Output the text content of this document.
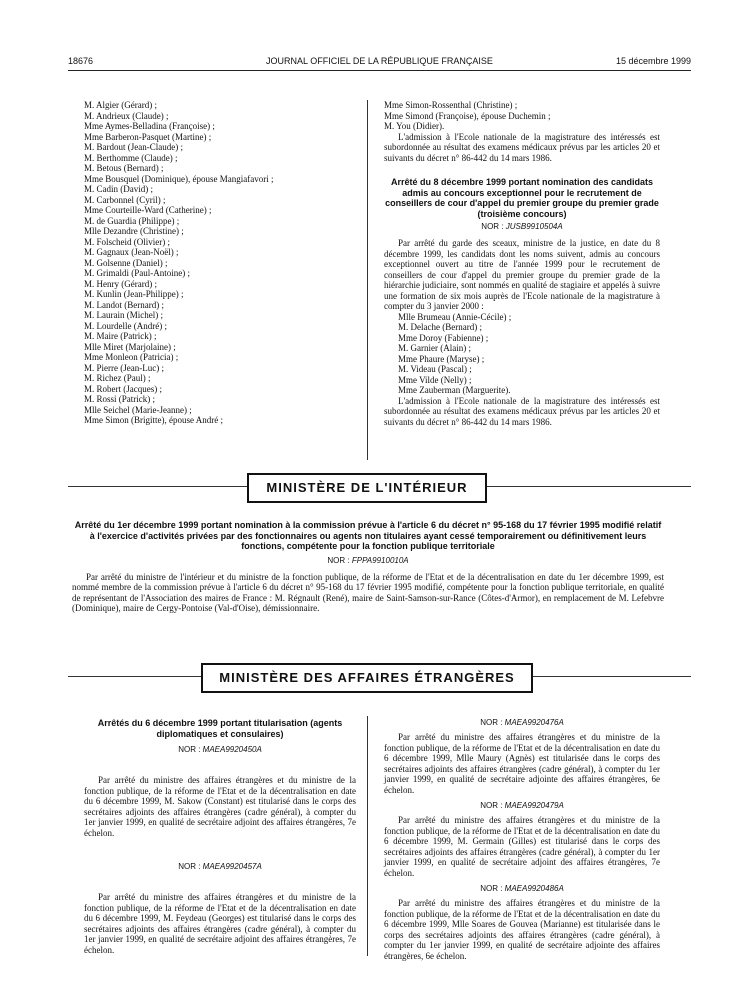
18676	JOURNAL OFFICIEL DE LA RÉPUBLIQUE FRANÇAISE	15 décembre 1999

M. Algier (Gérard) ;

M. Andrieux (Claude) ;

Mme Aymes-Belladina (Françoise) ;

Mme Barberon-Pasquet (Martine) ;

M. Bardout (Jean-Claude) ;

M. Berthomme (Claude) ;

M. Betous (Bernard) ;

Mme Bousquel (Dominique), épouse Mangiafavori ;

M. Cadin (David) ;

M. Carbonnel (Cyril) ;

Mme Courteille-Ward (Catherine) ;

M. de Guardia (Philippe) ;

Mlle Dezandre (Christine) ;

M. Folscheid (Olivier) ;

M. Gagnaux (Jean-Noël) ;

M. Golsenne (Daniel) ;

M. Grimaldi (Paul-Antoine) ;

M. Henry (Gérard) ;

M. Kunlin (Jean-Philippe) ;

M. Landot (Bernard) ;

M. Laurain (Michel) ;

M. Lourdelle (André) ;

M. Maire (Patrick) ;

Mlle Miret (Marjolaine) ;

Mme Monleon (Patricia) ;

M. Pierre (Jean-Luc) ;

M. Richez (Paul) ;

M. Robert (Jacques) ;

M. Rossi (Patrick) ;

Mlle Seichel (Marie-Jeanne) ;

Mme Simon (Brigitte), épouse André ;

Mme Simon-Rossenthal (Christine) ;

Mme Simond (Françoise), épouse Duchemin ;

M. You (Didier).

L'admission à l'Ecole nationale de la magistrature des intéressés est subordonnée au résultat des examens médicaux prévus par les articles 20 et suivants du décret n° 86-442 du 14 mars 1986.

Arrêté du 8 décembre 1999 portant nomination des candidats admis au concours exceptionnel pour le recrutement de conseillers de cour d'appel du premier groupe du premier grade (troisième concours)

NOR : JUSB9910504A

Par arrêté du garde des sceaux, ministre de la justice, en date du 8 décembre 1999, les candidats dont les noms suivent, admis au concours exceptionnel ouvert au titre de l'année 1999 pour le recrutement de conseillers de cour d'appel du premier groupe du premier grade de la hiérarchie judiciaire, sont nommés en qualité de stagiaire et appelés à suivre une formation de six mois auprès de l'Ecole nationale de la magistrature à compter du 3 janvier 2000 :

Mlle Brumeau (Annie-Cécile) ;

M. Delache (Bernard) ;

Mme Doroy (Fabienne) ;

M. Garnier (Alain) ;

Mme Phaure (Maryse) ;

M. Videau (Pascal) ;

Mme Vilde (Nelly) ;

Mme Zauberman (Marguerite).

L'admission à l'Ecole nationale de la magistrature des intéressés est subordonnée au résultat des examens médicaux prévus par les articles 20 et suivants du décret n° 86-442 du 14 mars 1986.

MINISTÈRE DE L'INTÉRIEUR

Arrêté du 1er décembre 1999 portant nomination à la commission prévue à l'article 6 du décret n° 95-168 du 17 février 1995 modifié relatif à l'exercice d'activités privées par des fonctionnaires ou agents non titulaires ayant cessé temporairement ou définitivement leurs fonctions, compétente pour la fonction publique territoriale

NOR : FPPA9910010A

Par arrêté du ministre de l'intérieur et du ministre de la fonction publique, de la réforme de l'Etat et de la décentralisation en date du 1er décembre 1999, est nommé membre de la commission prévue à l'article 6 du décret n° 95-168 du 17 février 1995 modifié, compétente pour la fonction publique territoriale, en qualité de représentant de l'Association des maires de France : M. Régnault (René), maire de Saint-Samson-sur-Rance (Côtes-d'Armor), en remplacement de M. Lefebvre (Dominique), maire de Cergy-Pontoise (Val-d'Oise), démissionnaire.

MINISTÈRE DES AFFAIRES ÉTRANGÈRES

Arrêtés du 6 décembre 1999 portant titularisation (agents diplomatiques et consulaires)

NOR : MAEA9920450A

Par arrêté du ministre des affaires étrangères et du ministre de la fonction publique, de la réforme de l'Etat et de la décentralisation en date du 6 décembre 1999, M. Sakow (Constant) est titularisé dans le corps des secrétaires adjoints des affaires étrangères (cadre général), à compter du 1er janvier 1999, en qualité de secrétaire adjoint des affaires étrangères, 7e échelon.

NOR : MAEA9920457A

Par arrêté du ministre des affaires étrangères et du ministre de la fonction publique, de la réforme de l'Etat et de la décentralisation en date du 6 décembre 1999, M. Feydeau (Georges) est titularisé dans le corps des secrétaires adjoints des affaires étrangères (cadre général), à compter du 1er janvier 1999, en qualité de secrétaire adjoint des affaires étrangères, 7e échelon.

NOR : MAEA9920476A

Par arrêté du ministre des affaires étrangères et du ministre de la fonction publique, de la réforme de l'Etat et de la décentralisation en date du 6 décembre 1999, Mlle Maury (Agnès) est titularisée dans le corps des secrétaires adjoints des affaires étrangères (cadre général), à compter du 1er janvier 1999, en qualité de secrétaire adjointe des affaires étrangères, 6e échelon.

NOR : MAEA9920479A

Par arrêté du ministre des affaires étrangères et du ministre de la fonction publique, de la réforme de l'Etat et de la décentralisation en date du 6 décembre 1999, M. Germain (Gilles) est titularisé dans le corps des secrétaires adjoints des affaires étrangères (cadre général), à compter du 1er janvier 1999, en qualité de secrétaire adjoint des affaires étrangères, 7e échelon.

NOR : MAEA9920486A

Par arrêté du ministre des affaires étrangères et du ministre de la fonction publique, de la réforme de l'Etat et de la décentralisation en date du 6 décembre 1999, Mlle Soares de Gouvea (Marianne) est titularisée dans le corps des secrétaires adjoints des affaires étrangères (cadre général), à compter du 1er janvier 1999, en qualité de secrétaire adjointe des affaires étrangères, 6e échelon.
